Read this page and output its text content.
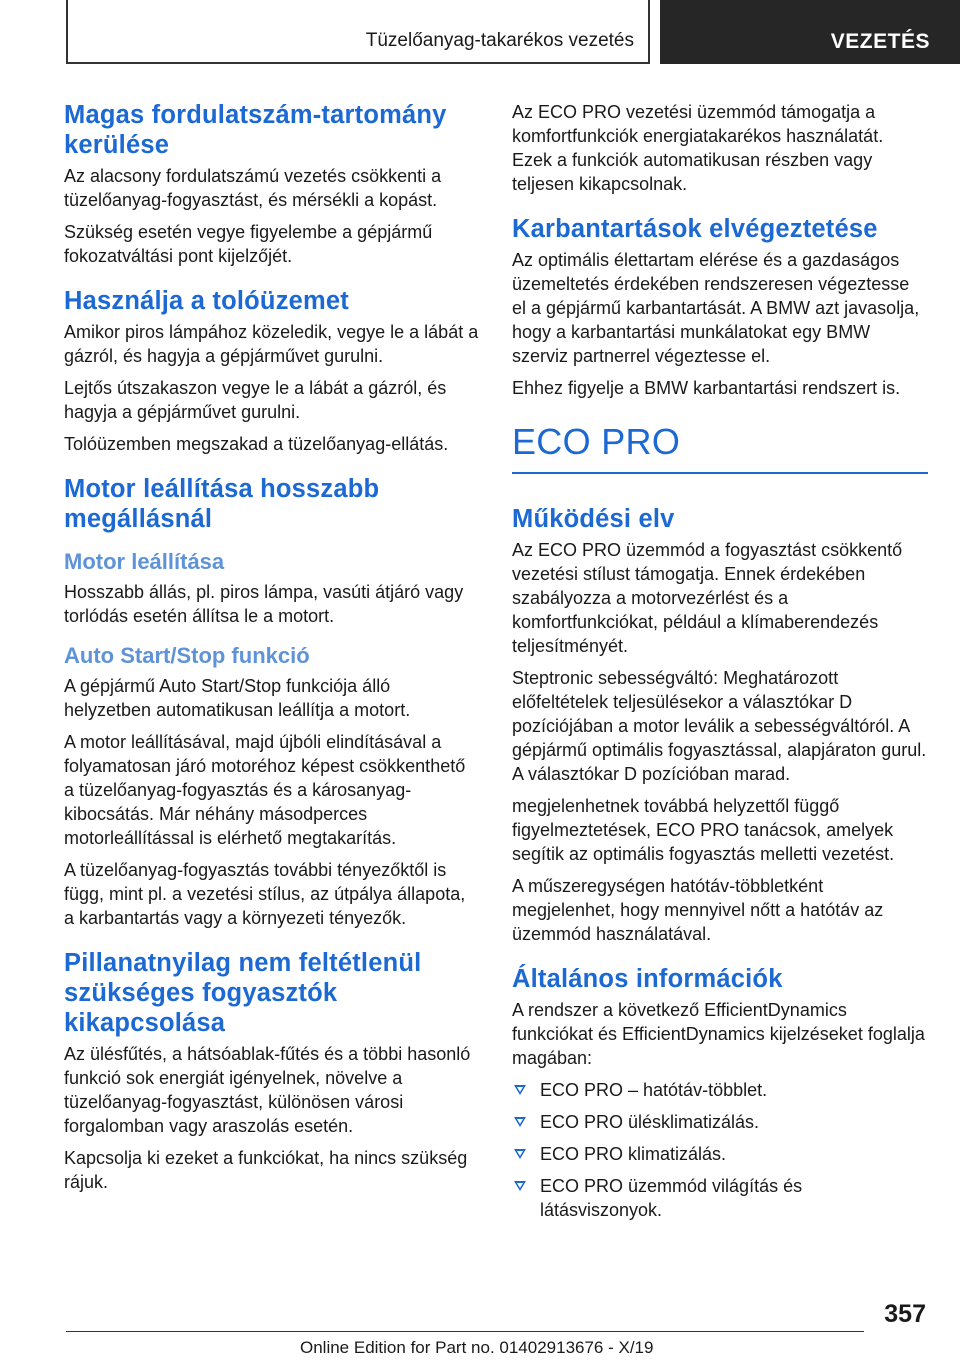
Tüzelőanyag-takarékos vezetés	VEZETÉS
Magas fordulatszám-tartomány kerülése

Az alacsony fordulatszámú vezetés csökkenti a tüzelőanyag-fogyasztást, és mérsékli a kopást.

Szükség esetén vegye figyelembe a gépjármű fokozatváltási pont kijelzőjét.

Használja a tolóüzemet

Amikor piros lámpához közeledik, vegye le a lábát a gázról, és hagyja a gépjárművet gurulni.

Lejtős útszakaszon vegye le a lábát a gázról, és hagyja a gépjárművet gurulni.

Tolóüzemben megszakad a tüzelőanyag-ellátás.

Motor leállítása hosszabb megállásnál
Motor leállítása

Hosszabb állás, pl. piros lámpa, vasúti átjáró vagy torlódás esetén állítsa le a motort.

Auto Start/Stop funkció

A gépjármű Auto Start/Stop funkciója álló helyzetben automatikusan leállítja a motort.

A motor leállításával, majd újbóli elindításával a folyamatosan járó motoréhoz képest csökkenthető a tüzelőanyag-fogyasztás és a károsanyag-kibocsátás. Már néhány másodperces motorleállítással is elérhető megtakarítás.

A tüzelőanyag-fogyasztás további tényezőktől is függ, mint pl. a vezetési stílus, az útpálya állapota, a karbantartás vagy a környezeti tényezők.

Pillanatnyilag nem feltétlenül szükséges fogyasztók kikapcsolása

Az ülésfűtés, a hátsóablak-fűtés és a többi hasonló funkció sok energiát igényelnek, növelve a tüzelőanyag-fogyasztást, különösen városi forgalomban vagy araszolás esetén.

Kapcsolja ki ezeket a funkciókat, ha nincs szükség rájuk.

Az ECO PRO vezetési üzemmód támogatja a komfortfunkciók energiatakarékos használatát. Ezek a funkciók automatikusan részben vagy teljesen kikapcsolnak.

Karbantartások elvégeztetése

Az optimális élettartam elérése és a gazdaságos üzemeltetés érdekében rendszeresen végeztesse el a gépjármű karbantartását. A BMW azt javasolja, hogy a karbantartási munkálatokat egy BMW szerviz partnerrel végeztesse el.

Ehhez figyelje a BMW karbantartási rendszert is.

ECO PRO
Működési elv

Az ECO PRO üzemmód a fogyasztást csökkentő vezetési stílust támogatja. Ennek érdekében szabályozza a motorvezérlést és a komfortfunkciókat, például a klímaberendezés teljesítményét.

Steptronic sebességváltó: Meghatározott előfeltételek teljesülésekor a választókar D pozíciójában a motor leválik a sebességváltóról. A gépjármű optimális fogyasztással, alapjáraton gurul. A választókar D pozícióban marad.

megjelenhetnek továbbá helyzettől függő figyelmeztetések, ECO PRO tanácsok, amelyek segítik az optimális fogyasztás melletti vezetést.

A műszeregységen hatótáv-többletként megjelenhet, hogy mennyivel nőtt a hatótáv az üzemmód használatával.

Általános információk

A rendszer a következő EfficientDynamics funkciókat és EfficientDynamics kijelzéseket foglalja magában:

ECO PRO – hatótáv-többlet.
ECO PRO ülésklimatizálás.
ECO PRO klimatizálás.
ECO PRO üzemmód világítás és látásviszonyok.
357
Online Edition for Part no. 01402913676 - X/19
